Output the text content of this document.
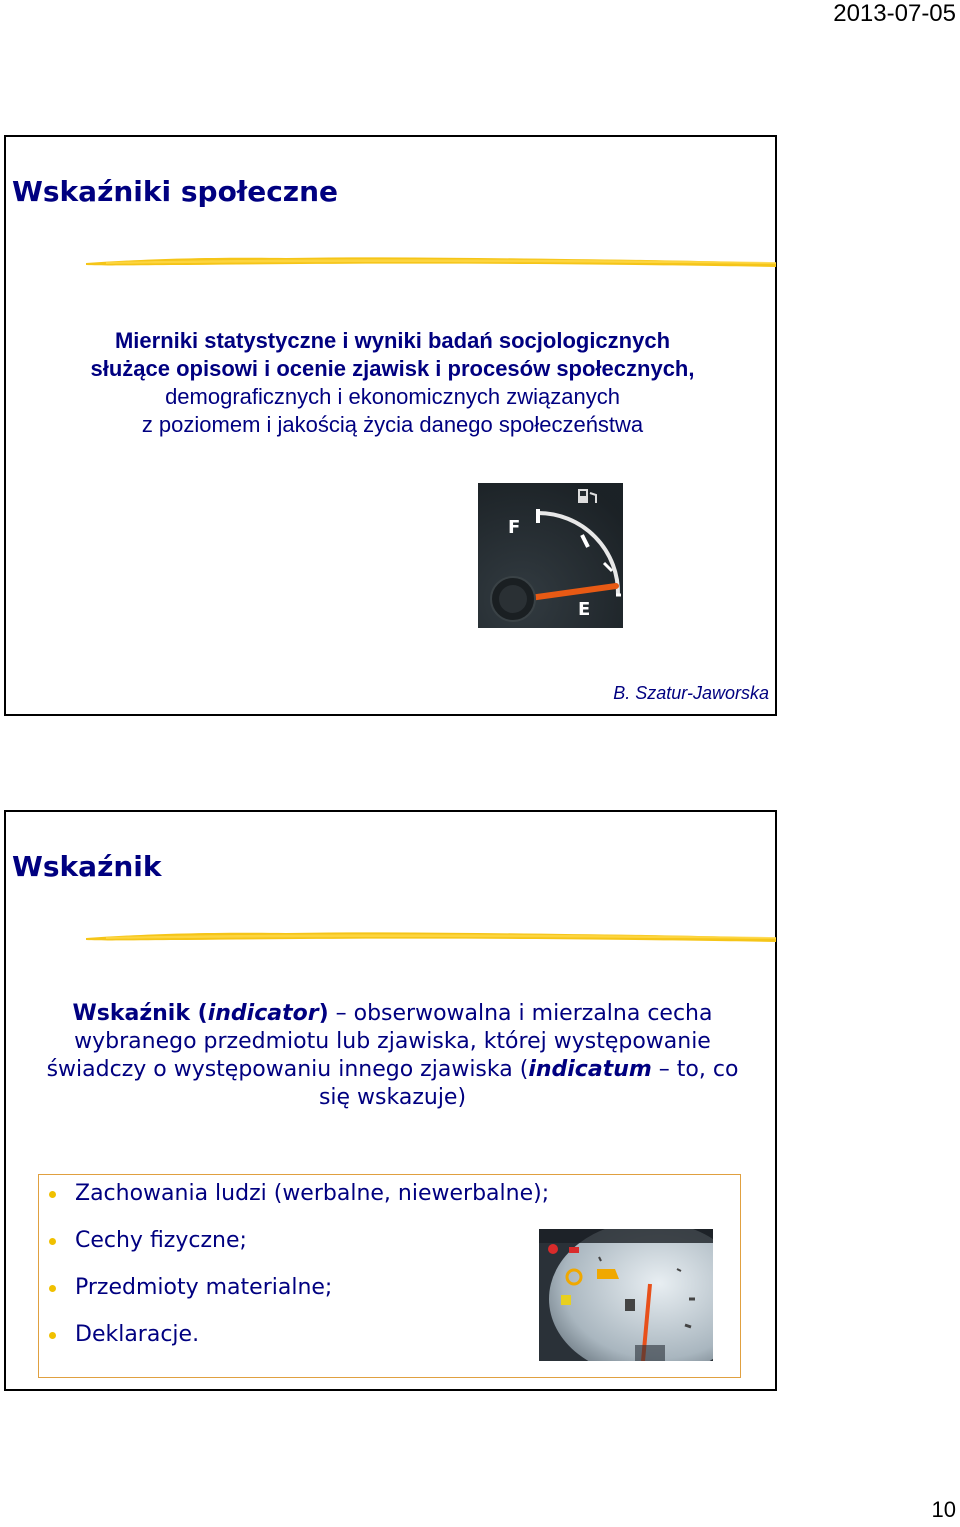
2013-07-05
Wskaźniki społeczne
Mierniki statystyczne i wyniki badań socjologicznych
służące opisowi i ocenie zjawisk i procesów społecznych,
demograficznych i ekonomicznych związanych
z poziomem i jakością życia danego społeczeństwa
F
E
B. Szatur-Jaworska
Wskaźnik
Wskaźnik (indicator) – obserwowalna i mierzalna cecha
wybranego przedmiotu lub zjawiska, której występowanie
świadczy o występowaniu innego zjawiska (indicatum – to, co
się wskazuje)
Zachowania ludzi (werbalne, niewerbalne);
Cechy fizyczne;
Przedmioty materialne;
Deklaracje.
10
